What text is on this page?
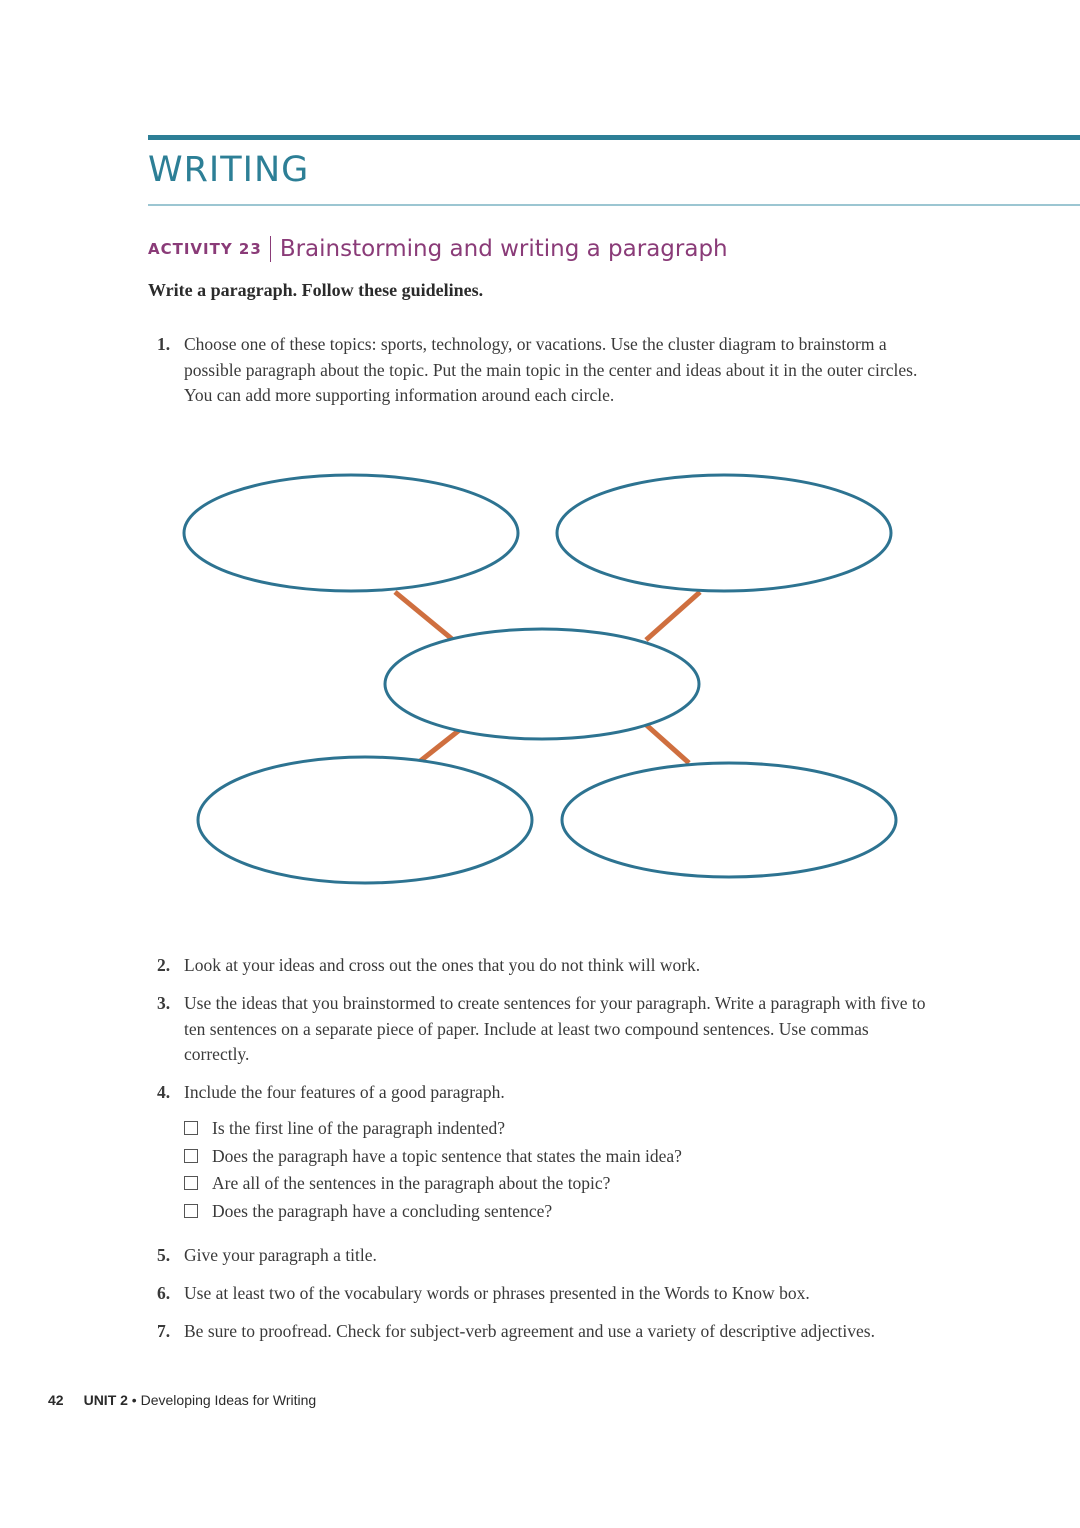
WRITING
ACTIVITY 23 Brainstorming and writing a paragraph
Write a paragraph. Follow these guidelines.
1. Choose one of these topics: sports, technology, or vacations. Use the cluster diagram to brainstorm a possible paragraph about the topic. Put the main topic in the center and ideas about it in the outer circles. You can add more supporting information around each circle.
2. Look at your ideas and cross out the ones that you do not think will work.
3. Use the ideas that you brainstormed to create sentences for your paragraph. Write a paragraph with five to ten sentences on a separate piece of paper. Include at least two compound sentences. Use commas correctly.
4. Include the four features of a good paragraph.
Is the first line of the paragraph indented?
Does the paragraph have a topic sentence that states the main idea?
Are all of the sentences in the paragraph about the topic?
Does the paragraph have a concluding sentence?
5. Give your paragraph a title.
6. Use at least two of the vocabulary words or phrases presented in the Words to Know box.
7. Be sure to proofread. Check for subject-verb agreement and use a variety of descriptive adjectives.
42 UNIT 2 • Developing Ideas for Writing
